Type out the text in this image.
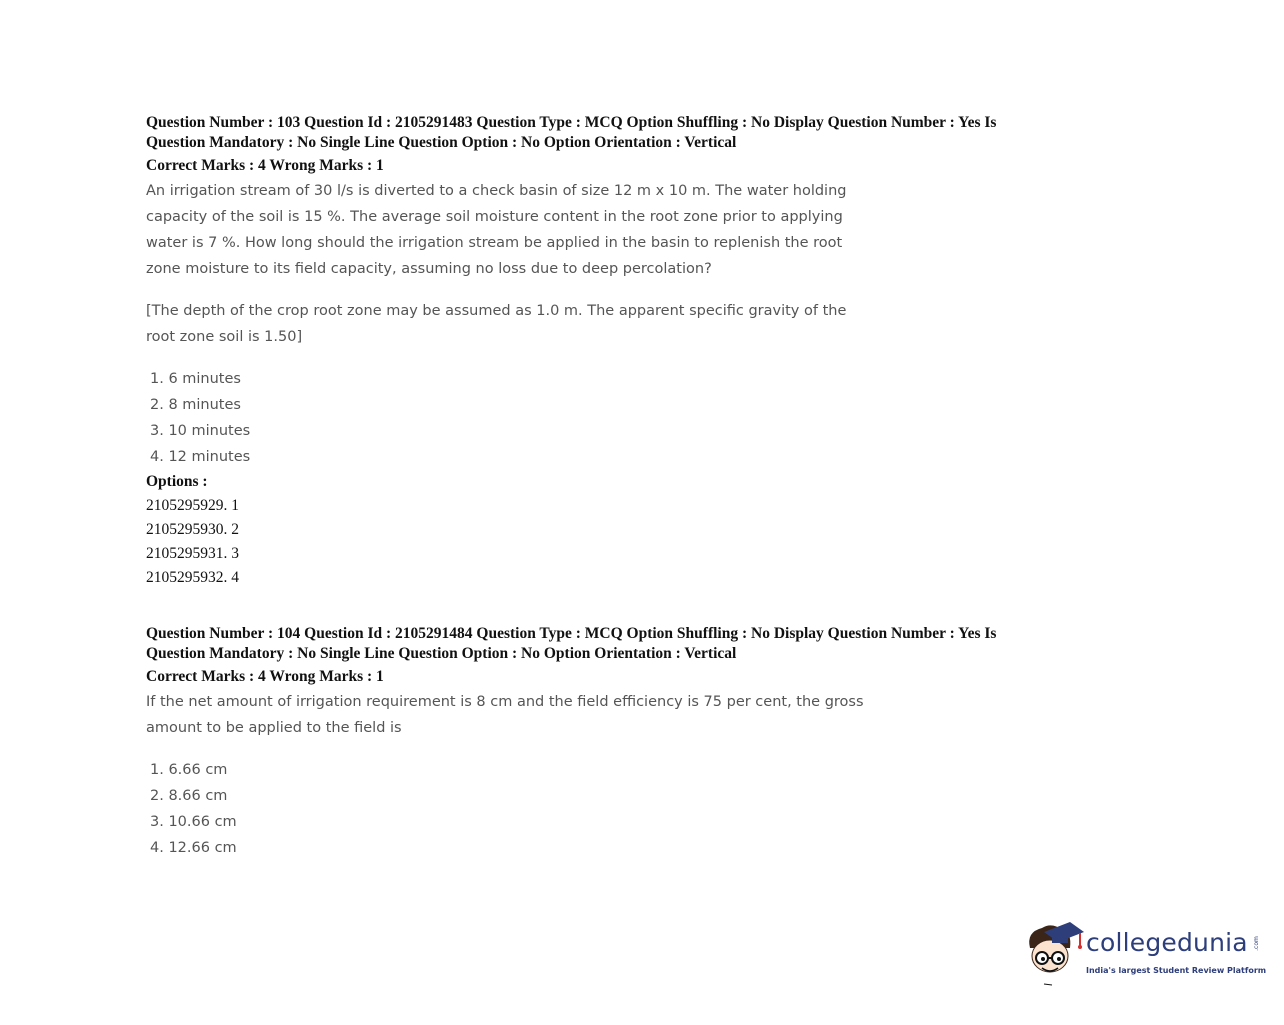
Question Number : 103 Question Id : 2105291483 Question Type : MCQ Option Shuffling : No Display Question Number : Yes Is
Question Mandatory : No Single Line Question Option : No Option Orientation : Vertical
Correct Marks : 4 Wrong Marks : 1
An irrigation stream of 30 l/s is diverted to a check basin of size 12 m x 10 m. The water holding capacity of the soil is 15 %. The average soil moisture content in the root zone prior to applying water is 7 %. How long should the irrigation stream be applied in the basin to replenish the root zone moisture to its field capacity, assuming no loss due to deep percolation?
[The depth of the crop root zone may be assumed as 1.0 m. The apparent specific gravity of the root zone soil is 1.50]
1. 6 minutes
2. 8 minutes
3. 10 minutes
4. 12 minutes
Options :
2105295929. 1
2105295930. 2
2105295931. 3
2105295932. 4
Question Number : 104 Question Id : 2105291484 Question Type : MCQ Option Shuffling : No Display Question Number : Yes Is
Question Mandatory : No Single Line Question Option : No Option Orientation : Vertical
Correct Marks : 4 Wrong Marks : 1
If the net amount of irrigation requirement is 8 cm and the field efficiency is 75 per cent, the gross amount to be applied to the field is
1. 6.66 cm
2. 8.66 cm
3. 10.66 cm
4. 12.66 cm
collegedunia .com
India's largest Student Review Platform
